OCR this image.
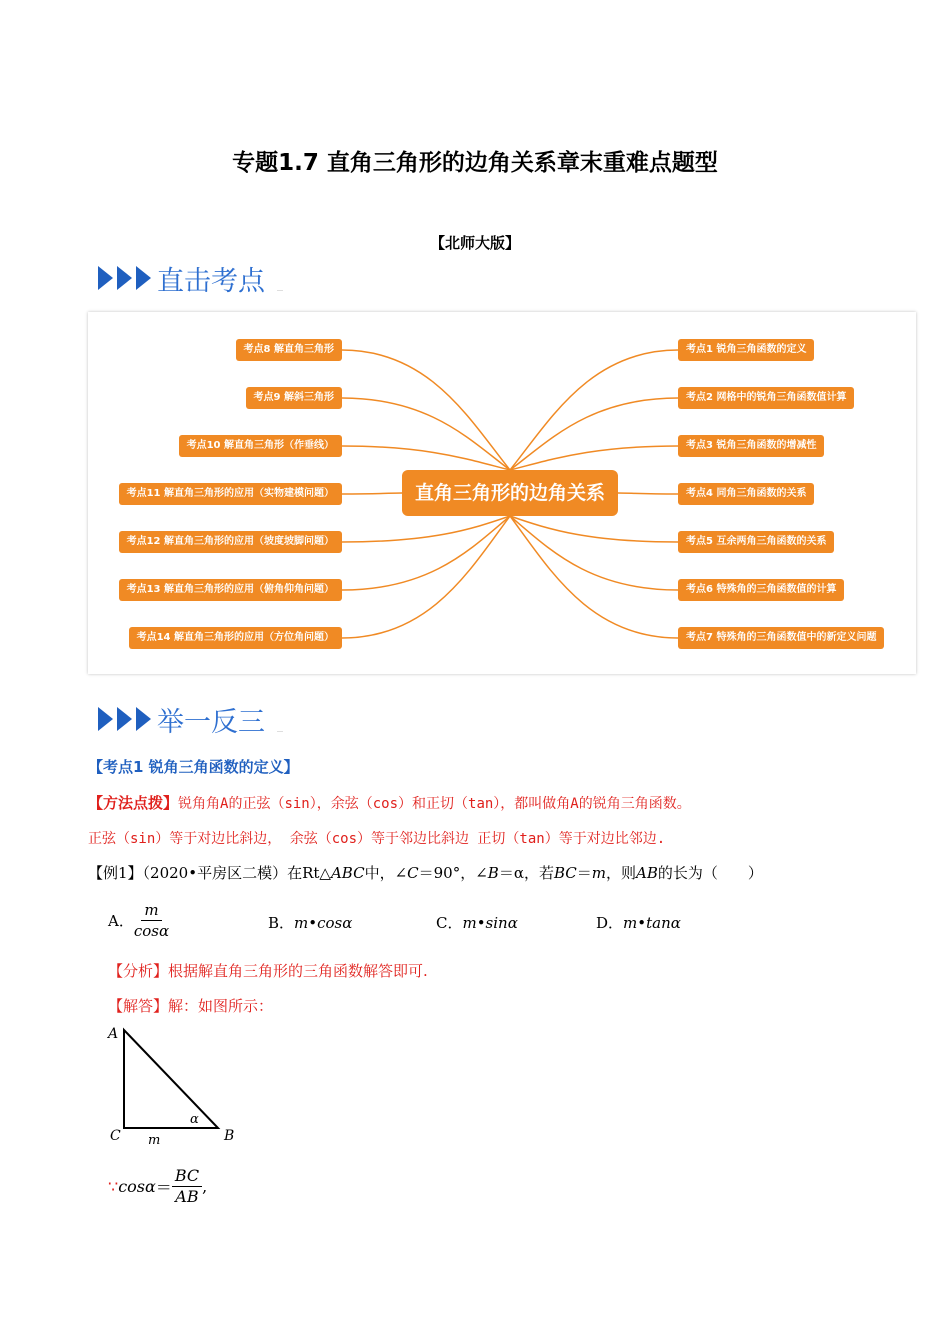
专题1.7 直角三角形的边角关系章末重难点题型
【北师大版】
直击考点 …
考点8 解直角三角形
考点9 解斜三角形
考点10 解直角三角形（作垂线）
考点11 解直角三角形的应用（实物建模问题）
考点12 解直角三角形的应用（坡度坡脚问题）
考点13 解直角三角形的应用（俯角仰角问题）
考点14 解直角三角形的应用（方位角问题）
考点1 锐角三角函数的定义
考点2 网格中的锐角三角函数值计算
考点3 锐角三角函数的增减性
考点4 同角三角函数的关系
考点5 互余两角三角函数的关系
考点6 特殊角的三角函数值的计算
考点7 特殊角的三角函数值中的新定义问题
直角三角形的边角关系
举一反三 …
【考点1 锐角三角函数的定义】
【方法点拨】锐角角A的正弦（sin），余弦（cos）和正切（tan），都叫做角A的锐角三角函数。
正弦（sin）等于对边比斜边， 余弦（cos）等于邻边比斜边 正切（tan）等于对边比邻边.
【例1】（2020•平房区二模）在Rt△ABC中，∠C＝90°，∠B＝α，若BC＝m，则AB的长为（　　）
A． $\frac{m}{\cos\alpha}$	B．m•cosα	C．m•sinα	D．m•tanα
【分析】根据解直角三角形的三角函数解答即可.
【解答】解：如图所示：
A
C	B
m
α
∵ $\cos\alpha = \frac{BC}{AB}$ ,
